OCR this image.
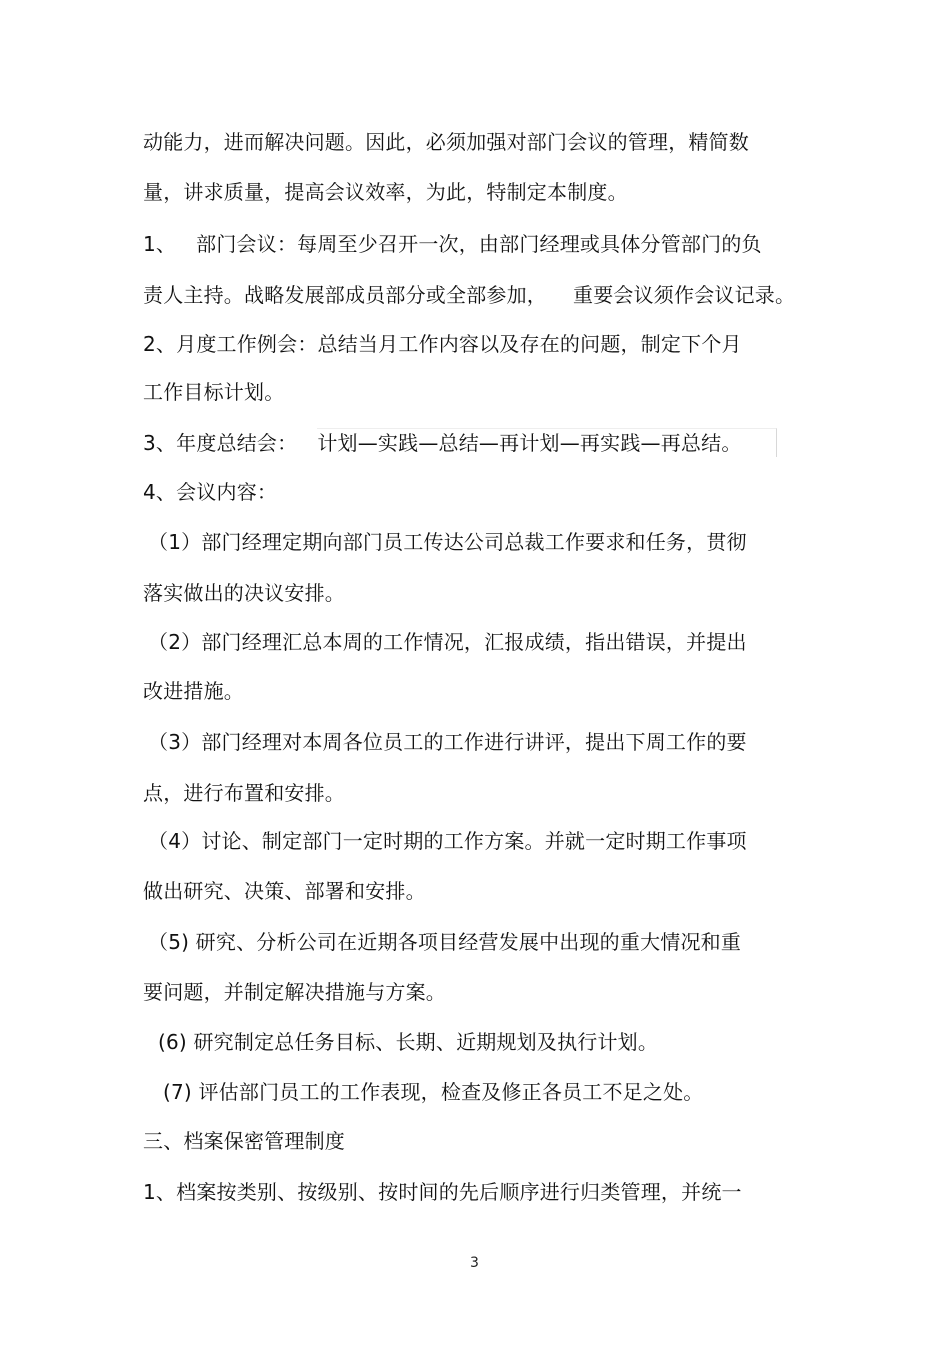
动能力，进而解决问题。因此，必须加强对部门会议的管理，精简数
量，讲求质量，提高会议效率，为此，特制定本制度。
1、 部门会议：每周至少召开一次，由部门经理或具体分管部门的负
责人主持。战略发展部成员部分或全部参加， 重要会议须作会议记录。
2、月度工作例会：总结当月工作内容以及存在的问题，制定下个月
工作目标计划。
3、年度总结会： 计划—实践—总结—再计划—再实践—再总结。
4、会议内容：
（1）部门经理定期向部门员工传达公司总裁工作要求和任务，贯彻
落实做出的决议安排。
（2）部门经理汇总本周的工作情况，汇报成绩，指出错误，并提出
改进措施。
（3）部门经理对本周各位员工的工作进行讲评，提出下周工作的要
点，进行布置和安排。
（4）讨论、制定部门一定时期的工作方案。并就一定时期工作事项
做出研究、决策、部署和安排。
（5) 研究、分析公司在近期各项目经营发展中出现的重大情况和重
要问题，并制定解决措施与方案。
(6) 研究制定总任务目标、长期、近期规划及执行计划。
(7) 评估部门员工的工作表现，检查及修正各员工不足之处。
三、档案保密管理制度
1、档案按类别、按级别、按时间的先后顺序进行归类管理，并统一
3
